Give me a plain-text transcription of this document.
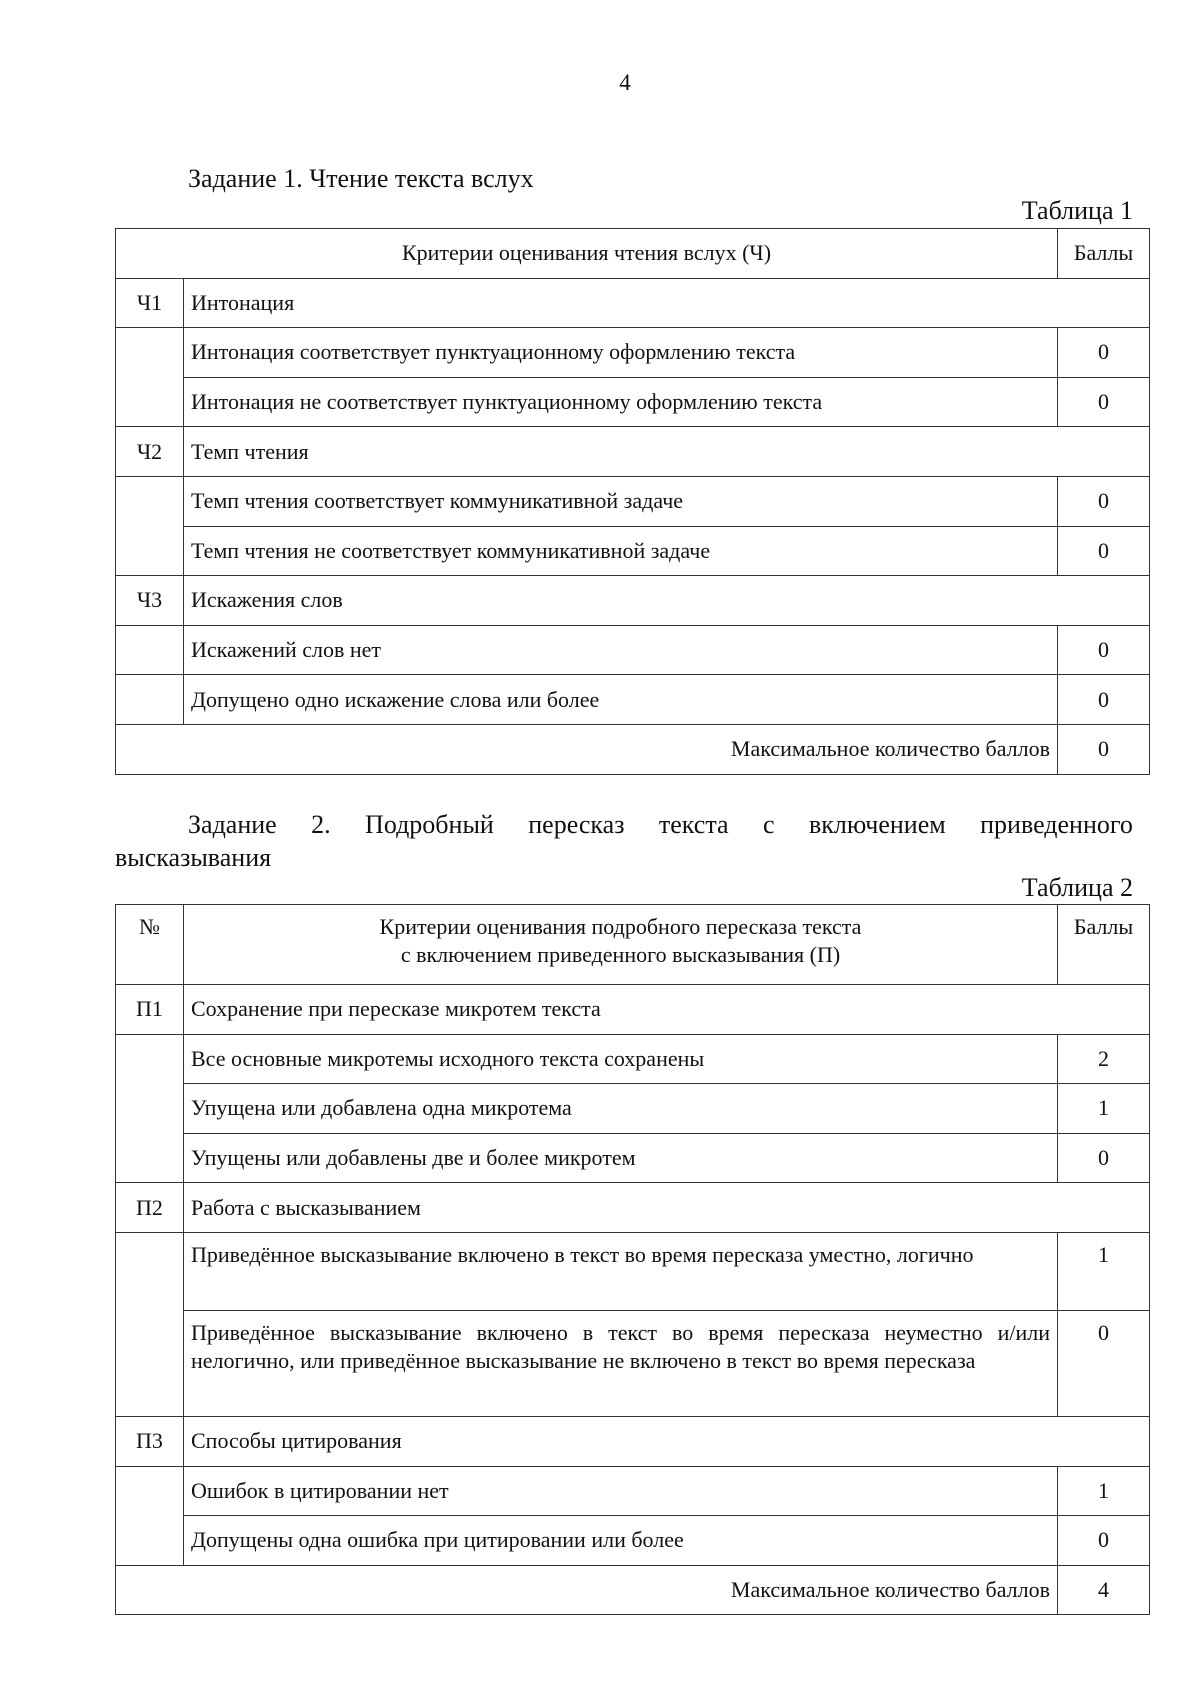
4
Задание 1. Чтение текста вслух
Таблица 1
Критерии оценивания чтения вслух (Ч)		Баллы
Ч1	Интонация	
	Интонация соответствует пунктуационному оформлению текста	0
	Интонация не соответствует пунктуационному оформлению текста	0
Ч2	Темп чтения	
	Темп чтения соответствует коммуникативной задаче	0
	Темп чтения не соответствует коммуникативной задаче	0
Ч3	Искажения слов	
	Искажений слов нет	0
	Допущено одно искажение слова или более	0
Максимальное количество баллов		0
Задание 2. Подробный пересказ текста с включением приведенного
высказывания
Таблица 2
№	Критерии оценивания подробного пересказа текста
с включением приведенного высказывания (П)	Баллы
П1	Сохранение при пересказе микротем текста	
	Все основные микротемы исходного текста сохранены	2
	Упущена или добавлена одна микротема	1
	Упущены или добавлены две и более микротем	0
П2	Работа с высказыванием	
	Приведённое высказывание включено в текст во время пересказа уместно, логично	1
	Приведённое высказывание включено в текст во время пересказа неуместно и/или нелогично, или приведённое высказывание не включено в текст во время пересказа	0
П3	Способы цитирования	
	Ошибок в цитировании нет	1
	Допущены одна ошибка при цитировании или более	0
Максимальное количество баллов		4
